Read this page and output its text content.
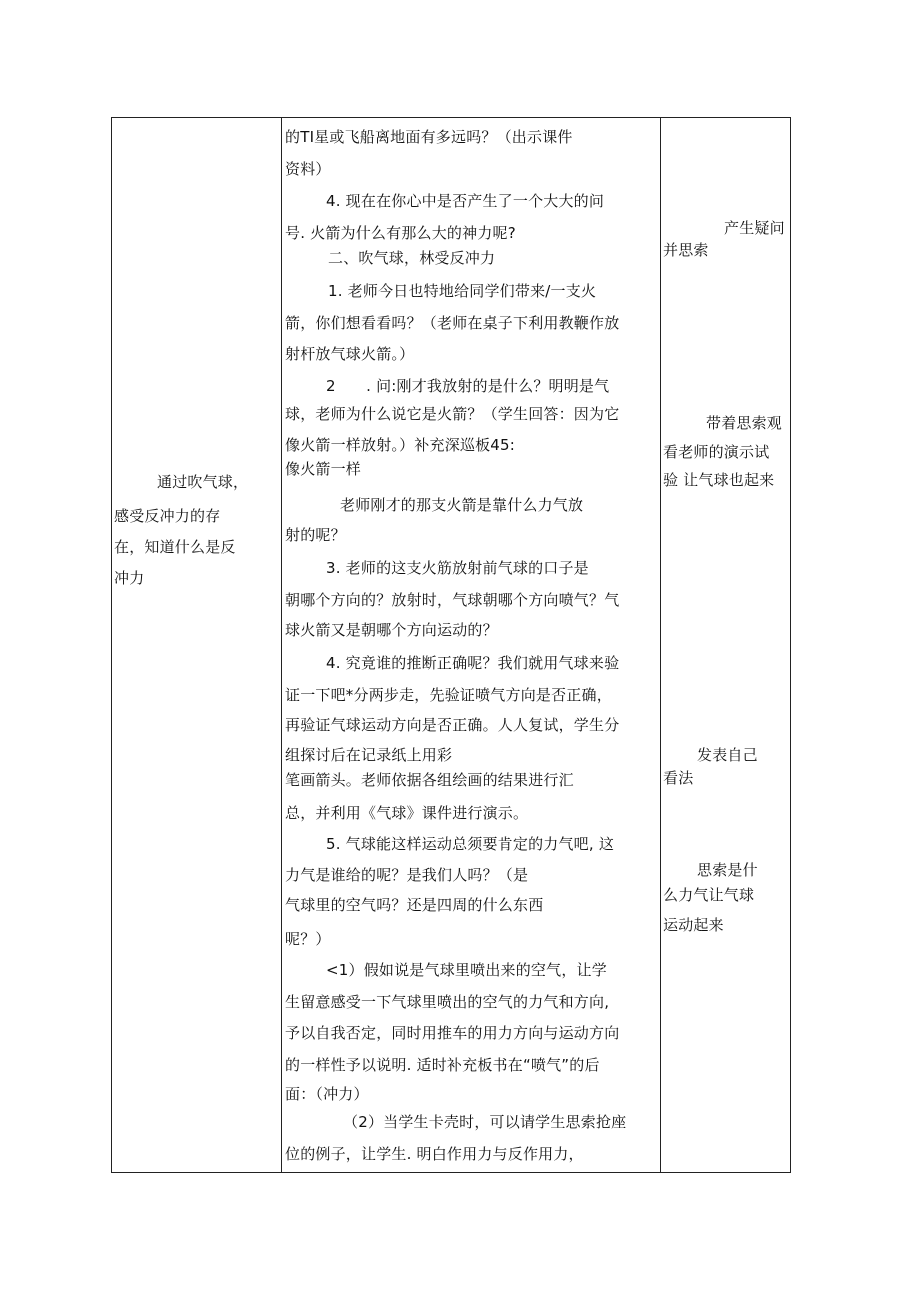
通过吹气球，
感受反冲力的存
在，知道什么是反
冲力
的TI星或飞船离地面有多远吗？（出示课件
资料）
4. 现在在你心中是否产生了一个大大的问
号. 火箭为什么有那么大的神力呢?
二、吹气球，林受反冲力
1. 老师今日也特地给同学们带来/一支火
箭，你们想看看吗？（老师在桌子下利用教鞭作放
射杆放气球火箭。）
2　　. 问:刚才我放射的是什么？明明是气
球，老师为什么说它是火箭？（学生回答：因为它
像火箭一样放射。）补充深巡板45:
像火箭一样
老师刚才的那支火箭是靠什么力气放
射的呢？
3. 老师的这支火筋放射前气球的口子是
朝哪个方向的？放射时，气球朝哪个方向喷气？气
球火箭又是朝哪个方向运动的？
4. 究竟谁的推断正确呢？我们就用气球来验
证一下吧*分两步走，先验证喷气方向是否正确，
再验证气球运动方向是否正确。人人复试，学生分
组探讨后在记录纸上用彩
笔画箭头。老师依据各组绘画的结果进行汇
总，并利用《气球》课件进行演示。
5. 气球能这样运动总须要肯定的力气吧, 这
力气是谁给的呢？是我们人吗？（是
气球里的空气吗？还是四周的什么东西
呢？）
<1）假如说是气球里喷出来的空气，让学
生留意感受一下气球里喷出的空气的力气和方向,
予以自我否定，同时用推车的用力方向与运动方向
的一样性予以说明. 适时补充板书在“喷气”的后
面：（冲力）
（2）当学生卡壳时，可以请学生思索抢座
位的例子，让学生. 明白作用力与反作用力，
产生疑问
并思索
带着思索观
看老师的演示试
验 让气球也起来
发表自己
看法
思索是什
么力气让气球
运动起来
